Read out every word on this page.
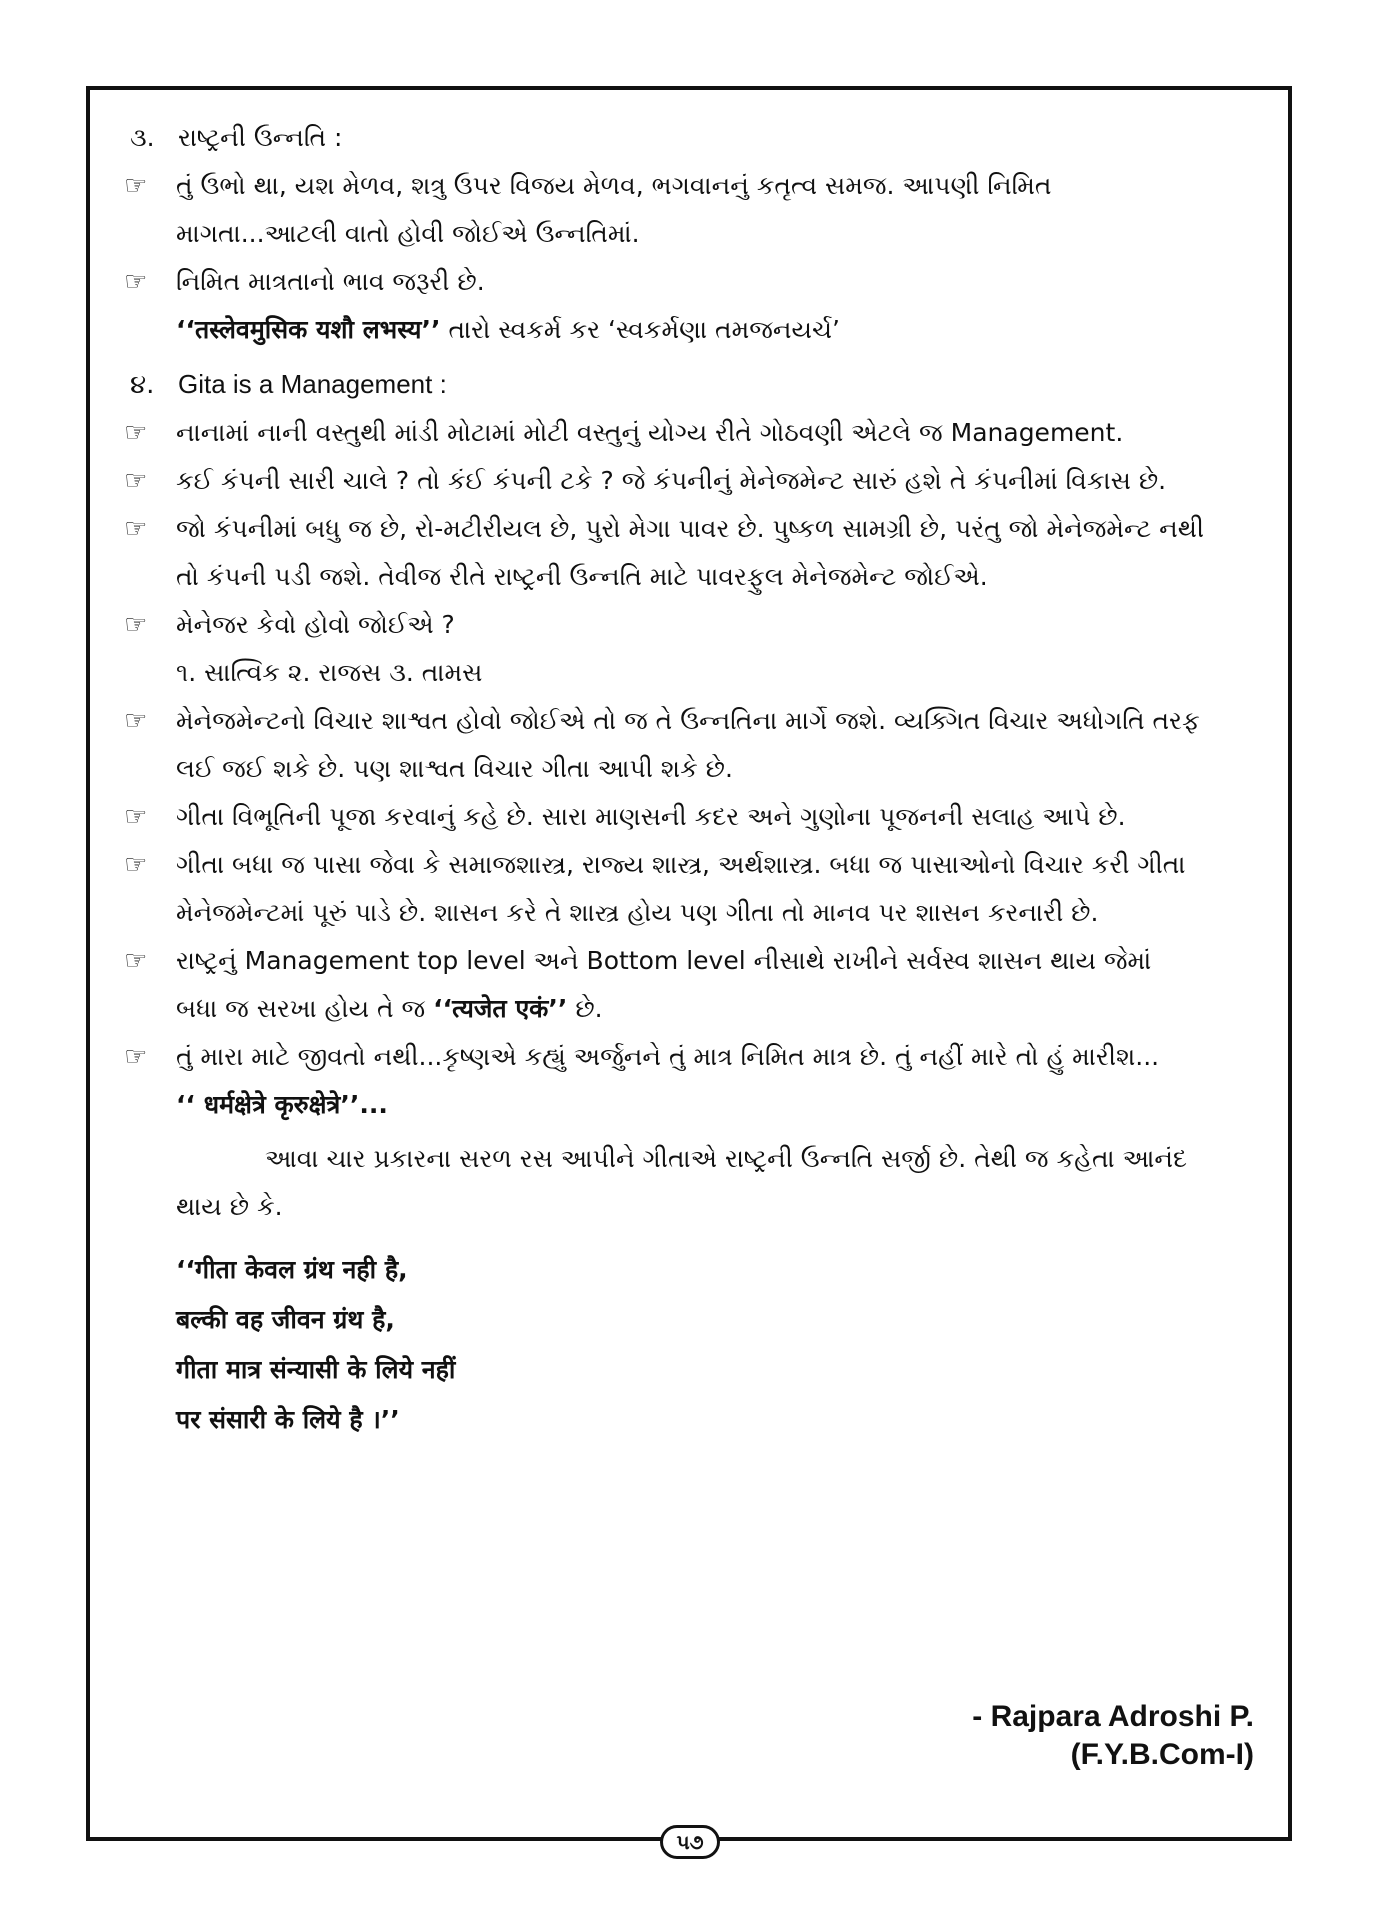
૩. રાષ્ટ્રની ઉન્નતિ :
☞ તું ઉભો થા, યશ મેળવ, શત્રુ ઉપર વિજય મેળવ, ભગવાનનું કતૃત્વ સમજ. આપણી નિમિત
માગતા...આટલી વાતો હોવી જોઈએ ઉન્નતિમાં.
☞ નિમિત માત્રતાનો ભાવ જરૂરી છે.
‘‘तस्लेवमुसिक यशौ लभस्य’’ તારો સ્વકર્મ કર ‘સ્વકર્મણા તમજનયર્ચ’
૪. Gita is a Management :
☞ નાનામાં નાની વસ્તુથી માંડી મોટામાં મોટી વસ્તુનું યોગ્ય રીતે ગોઠવણી એટલે જ Management.
☞ કઈ કંપની સારી ચાલે ? તો કંઈ કંપની ટકે ? જે કંપનીનું મેનેજમેન્ટ સારું હશે તે કંપનીમાં વિકાસ છે.
☞ જો કંપનીમાં બધુ જ છે, રો-મટીરીયલ છે, પુરો મેગા પાવર છે. પુષ્કળ સામગ્રી છે, પરંતુ જો મેનેજમેન્ટ નથી
તો કંપની પડી જશે. તેવીજ રીતે રાષ્ટ્રની ઉન્નતિ માટે પાવરફુલ મેનેજમેન્ટ જોઈએ.
☞ મેનેજર કેવો હોવો જોઈએ ?
૧. સાત્વિક ૨. રાજસ ૩. તામસ
☞ મેનેજમેન્ટનો વિચાર શાશ્વત હોવો જોઈએ તો જ તે ઉન્નતિના માર્ગે જશે. વ્યક્ગિત વિચાર અધોગતિ તરફ
લઈ જઈ શકે છે. પણ શાશ્વત વિચાર ગીતા આપી શકે છે.
☞ ગીતા વિભૂતિની પૂજા કરવાનું કહે છે. સારા માણસની કદર અને ગુણોના પૂજનની સલાહ આપે છે.
☞ ગીતા બધા જ પાસા જેવા કે સમાજશાસ્ત્ર, રાજ્ય શાસ્ત્ર, અર્થશાસ્ત્ર. બધા જ પાસાઓનો વિચાર કરી ગીતા
મેનેજમેન્ટમાં પૂરું પાડે છે. શાસન કરે તે શાસ્ત્ર હોય પણ ગીતા તો માનવ પર શાસન કરનારી છે.
☞ રાષ્ટ્રનું Management top level અને Bottom level નીસાથે રાખીને સર્વસ્વ શાસન થાય જેમાં
બધા જ સરખા હોય તે જ ‘‘त्यजेत एकं’’ છે.
☞ તું મારા માટે જીવતો નથી...કૃષ્ણએ કહ્યું અર્જુનને તું માત્ર નિમિત માત્ર છે. તું નહીં મારે તો હું મારીશ...
‘‘ धर्मक्षेत्रे कृरुक्षेत्रे’’...
આવા ચાર પ્રકારના સરળ રસ આપીને ગીતાએ રાષ્ટ્રની ઉન્નતિ સર્જી છે. તેથી જ કહેતા આનંદ
થાય છે કે.
‘‘गीता केवल ग्रंथ नही है,
बल्की वह जीवन ग्रंथ है,
गीता मात्र संन्यासी के लिये नहीं
पर संसारी के लिये है ।’’
- Rajpara Adroshi P.
(F.Y.B.Com-I)
૫૭
